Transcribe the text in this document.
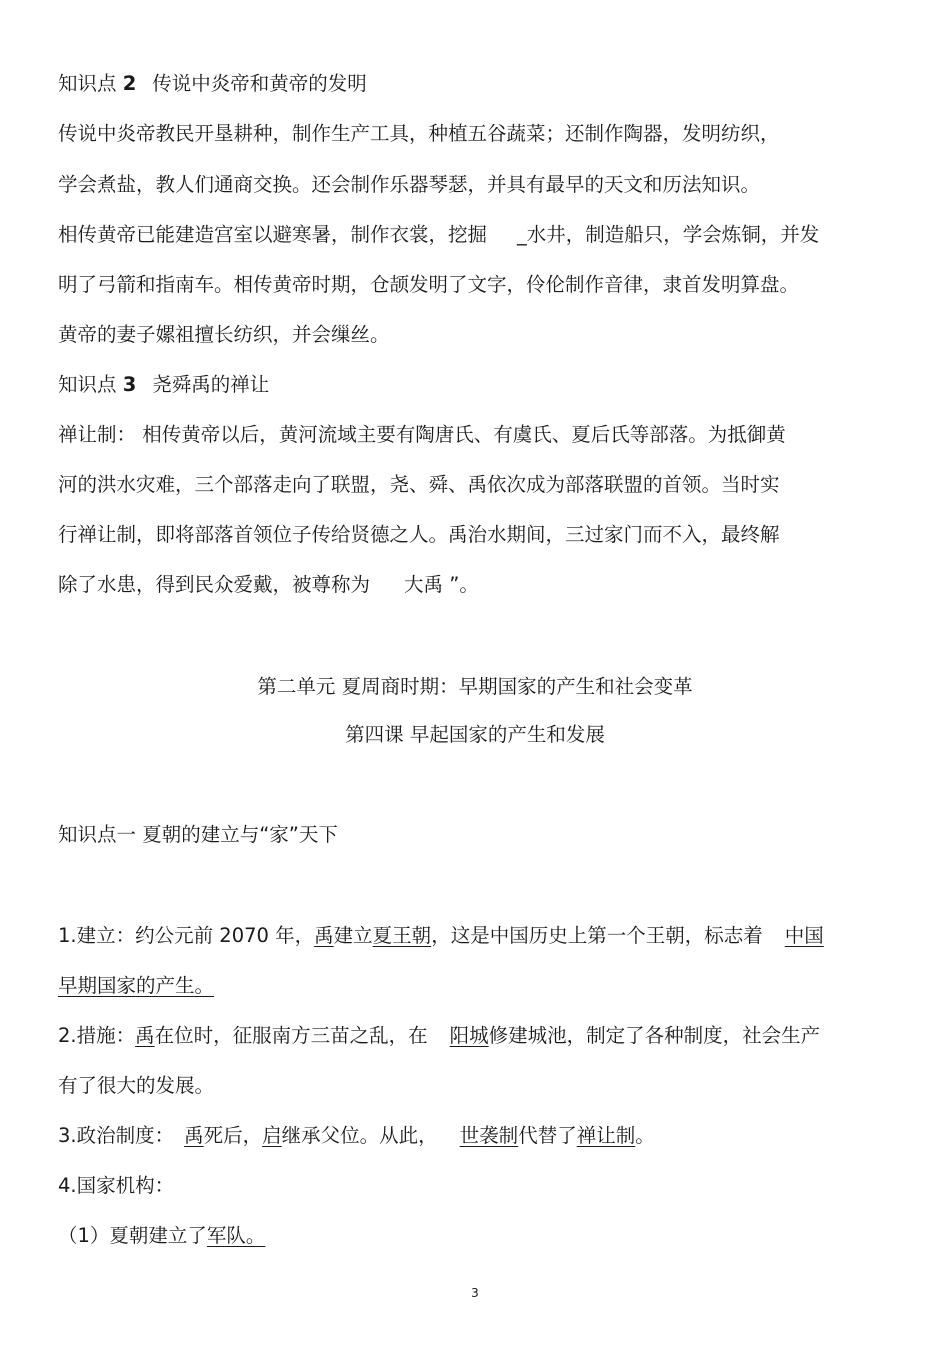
知识点 2 传说中炎帝和黄帝的发明
传说中炎帝教民开垦耕种，制作生产工具，种植五谷蔬菜；还制作陶器，发明纺织，
学会煮盐，教人们通商交换。还会制作乐器琴瑟，并具有最早的天文和历法知识。
相传黄帝已能建造宫室以避寒暑，制作衣裳，挖掘 _水井，制造船只，学会炼铜，并发
明了弓箭和指南车。相传黄帝时期，仓颉发明了文字，伶伦制作音律，隶首发明算盘。
黄帝的妻子嫘祖擅长纺织，并会缫丝。
知识点 3 尧舜禹的禅让
禅让制： 相传黄帝以后，黄河流域主要有陶唐氏、有虞氏、夏后氏等部落。为抵御黄
河的洪水灾难，三个部落走向了联盟，尧、舜、禹依次成为部落联盟的首领。当时实
行禅让制，即将部落首领位子传给贤德之人。禹治水期间，三过家门而不入，最终解
除了水患，得到民众爱戴，被尊称为 大禹 ”。
第二单元 夏周商时期：早期国家的产生和社会变革
第四课 早起国家的产生和发展
知识点一 夏朝的建立与“家”天下
1.建立：约公元前 2070 年，禹建立夏王朝，这是中国历史上第一个王朝，标志着 中国
早期国家的产生。
2.措施：禹在位时，征服南方三苗之乱，在 阳城修建城池，制定了各种制度，社会生产
有了很大的发展。
3.政治制度： 禹死后，启继承父位。从此， 世袭制代替了禅让制。
4.国家机构：
（1）夏朝建立了军队。
3
